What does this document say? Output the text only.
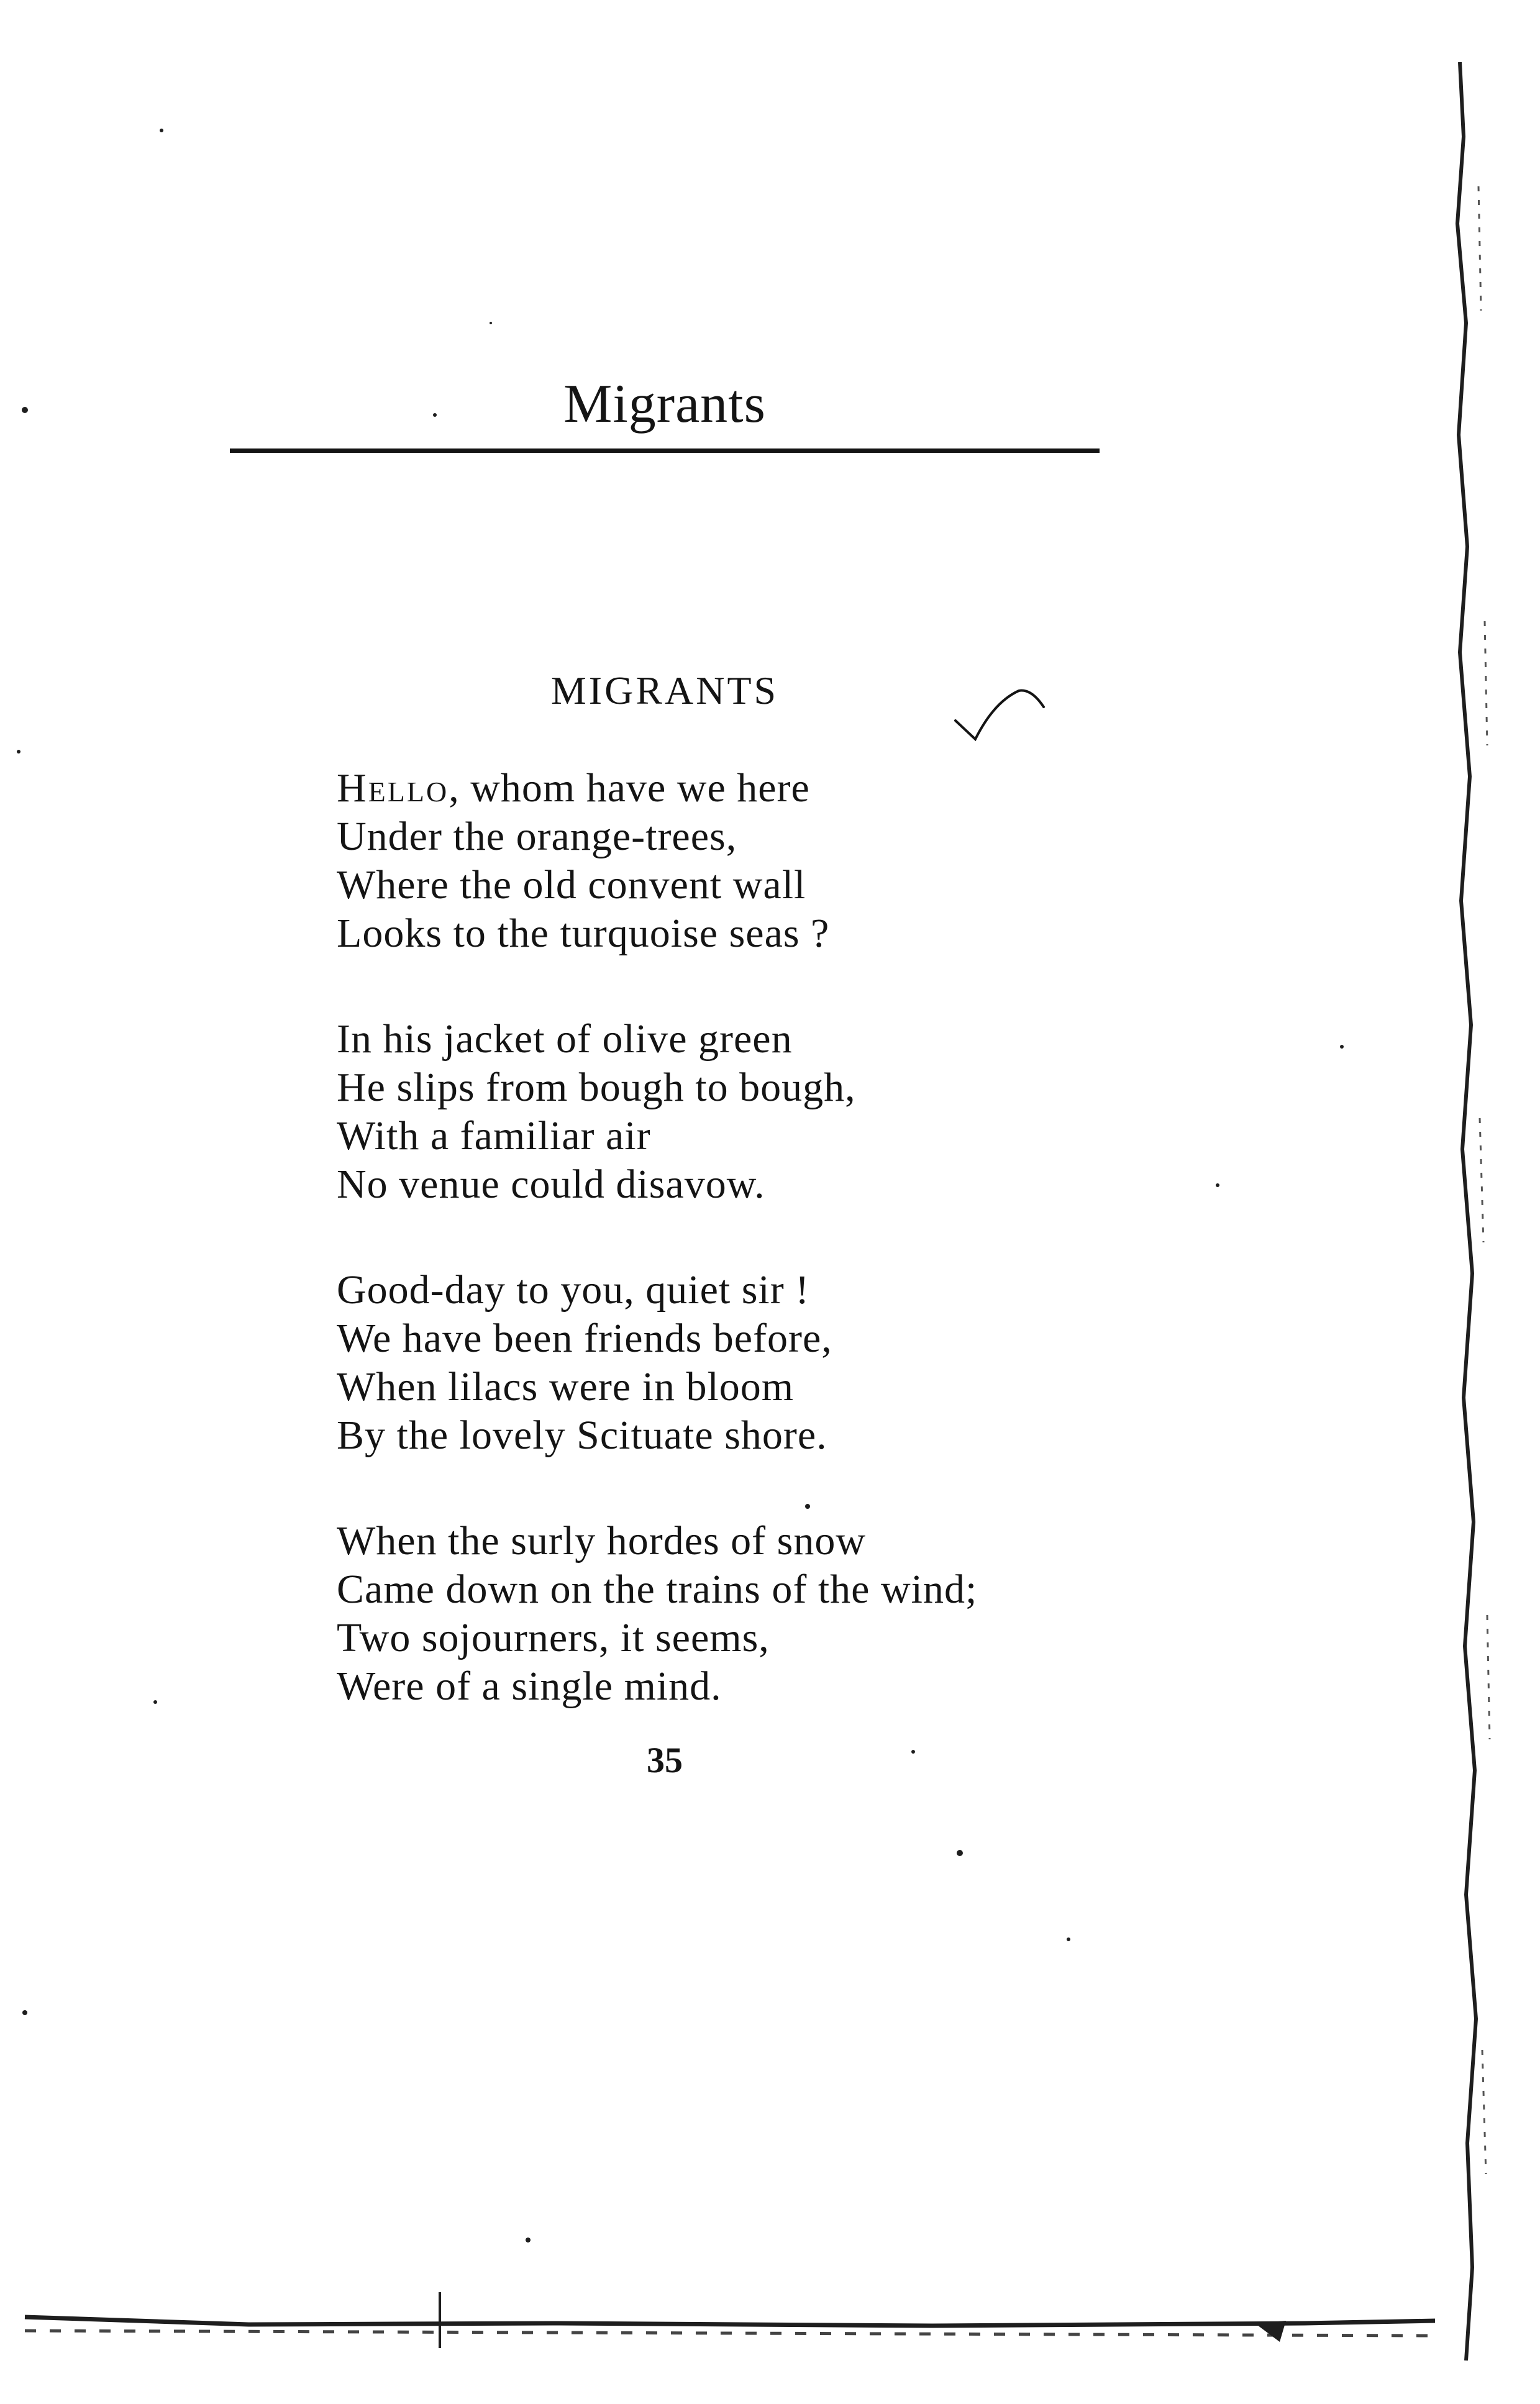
Migrants
MIGRANTS
Hello, whom have we here
Under the orange-trees,
Where the old convent wall
Looks to the turquoise seas ?
In his jacket of olive green
He slips from bough to bough,
With a familiar air
No venue could disavow.
Good-day to you, quiet sir !
We have been friends before,
When lilacs were in bloom
By the lovely Scituate shore.
When the surly hordes of snow
Came down on the trains of the wind;
Two sojourners, it seems,
Were of a single mind.
35
